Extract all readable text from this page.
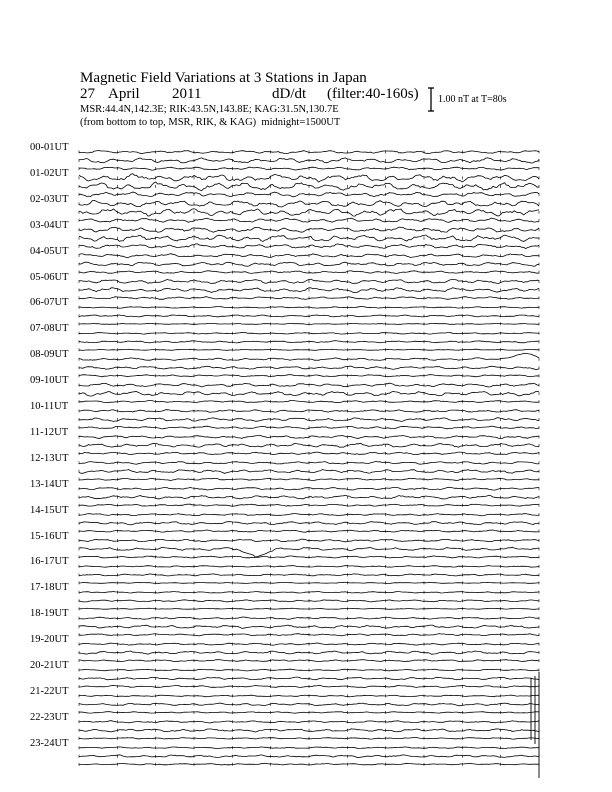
Magnetic Field Variations at 3 Stations in Japan
27 April 2011	dD/dt (filter:40-160s)
MSR:44.4N,142.3E; RIK:43.5N,143.8E; KAG:31.5N,130.7E
(from bottom to top, MSR, RIK, & KAG) midnight=1500UT
1.00 nT at T=80s
00-01UT
01-02UT
02-03UT
03-04UT
04-05UT
05-06UT
06-07UT
07-08UT
08-09UT
09-10UT
10-11UT
11-12UT
12-13UT
13-14UT
14-15UT
15-16UT
16-17UT
17-18UT
18-19UT
19-20UT
20-21UT
21-22UT
22-23UT
23-24UT
